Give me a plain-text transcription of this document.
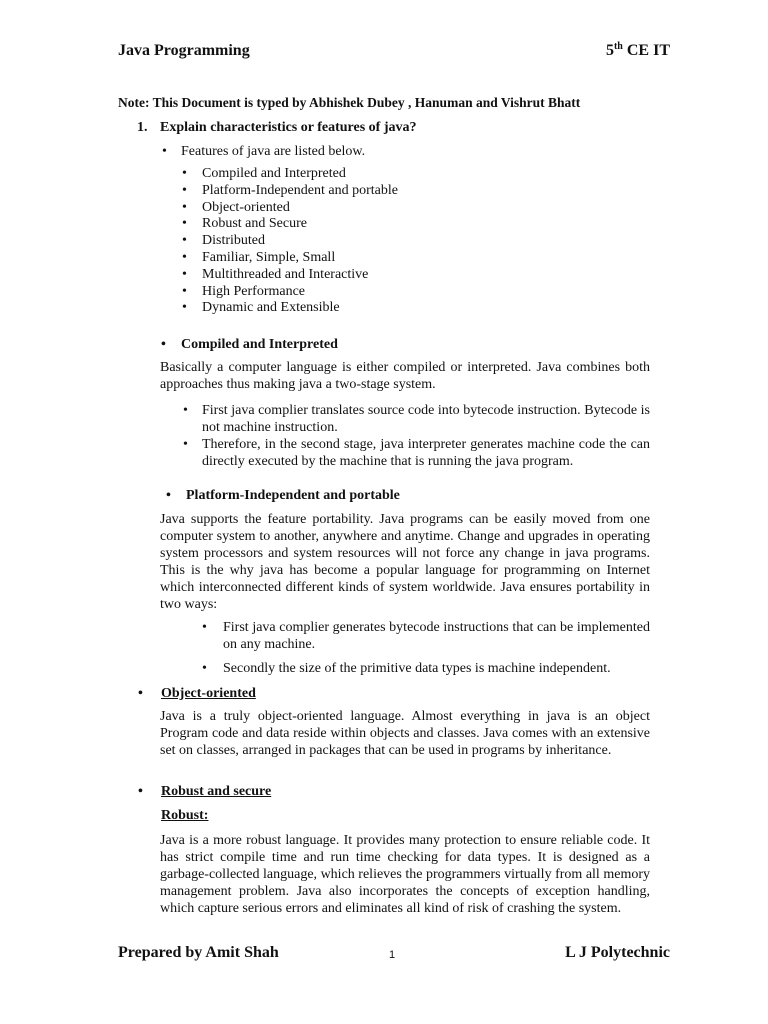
Java Programming	5th CE IT
Note: This Document is typed by Abhishek Dubey , Hanuman and Vishrut Bhatt
1. Explain characteristics or features of java?
• Features of java are listed below.
• Compiled and Interpreted
• Platform-Independent and portable
• Object-oriented
• Robust and Secure
• Distributed
• Familiar, Simple, Small
• Multithreaded and Interactive
• High Performance
• Dynamic and Extensible
• Compiled and Interpreted
Basically a computer language is either compiled or interpreted. Java combines both approaches thus making java a two-stage system.
• First java complier translates source code into bytecode instruction. Bytecode is not machine instruction.
• Therefore, in the second stage, java interpreter generates machine code the can directly executed by the machine that is running the java program.
• Platform-Independent and portable
Java supports the feature portability. Java programs can be easily moved from one computer system to another, anywhere and anytime. Change and upgrades in operating system processors and system resources will not force any change in java programs. This is the why java has become a popular language for programming on Internet which interconnected different kinds of system worldwide. Java ensures portability in two ways:
• First java complier generates bytecode instructions that can be implemented on any machine.
• Secondly the size of the primitive data types is machine independent.
• Object-oriented
Java is a truly object-oriented language. Almost everything in java is an object Program code and data reside within objects and classes. Java comes with an extensive set on classes, arranged in packages that can be used in programs by inheritance.
• Robust and secure
Robust:
Java is a more robust language. It provides many protection to ensure reliable code. It has strict compile time and run time checking for data types. It is designed as a garbage-collected language, which relieves the programmers virtually from all memory management problem. Java also incorporates the concepts of exception handling, which capture serious errors and eliminates all kind of risk of crashing the system.
Prepared by Amit Shah	1	L J Polytechnic
